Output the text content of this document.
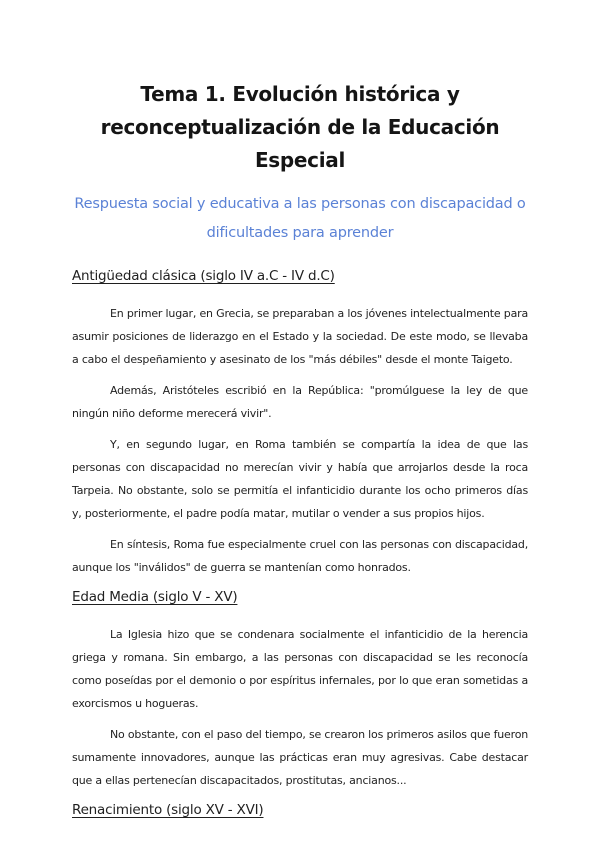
Tema 1. Evolución histórica y reconceptualización de la Educación Especial

Respuesta social y educativa a las personas con discapacidad o dificultades para aprender

Antigüedad clásica (siglo IV a.C - IV d.C)

En primer lugar, en Grecia, se preparaban a los jóvenes intelectualmente para asumir posiciones de liderazgo en el Estado y la sociedad. De este modo, se llevaba a cabo el despeñamiento y asesinato de los "más débiles" desde el monte Taigeto.

Además, Aristóteles escribió en la República: "promúlguese la ley de que ningún niño deforme merecerá vivir".

Y, en segundo lugar, en Roma también se compartía la idea de que las personas con discapacidad no merecían vivir y había que arrojarlos desde la roca Tarpeia. No obstante, solo se permitía el infanticidio durante los ocho primeros días y, posteriormente, el padre podía matar, mutilar o vender a sus propios hijos.

En síntesis, Roma fue especialmente cruel con las personas con discapacidad, aunque los "inválidos" de guerra se mantenían como honrados.

Edad Media (siglo V - XV)

La Iglesia hizo que se condenara socialmente el infanticidio de la herencia griega y romana. Sin embargo, a las personas con discapacidad se les reconocía como poseídas por el demonio o por espíritus infernales, por lo que eran sometidas a exorcismos u hogueras.

No obstante, con el paso del tiempo, se crearon los primeros asilos que fueron sumamente innovadores, aunque las prácticas eran muy agresivas. Cabe destacar que a ellas pertenecían discapacitados, prostitutas, ancianos...

Renacimiento (siglo XV - XVI)
